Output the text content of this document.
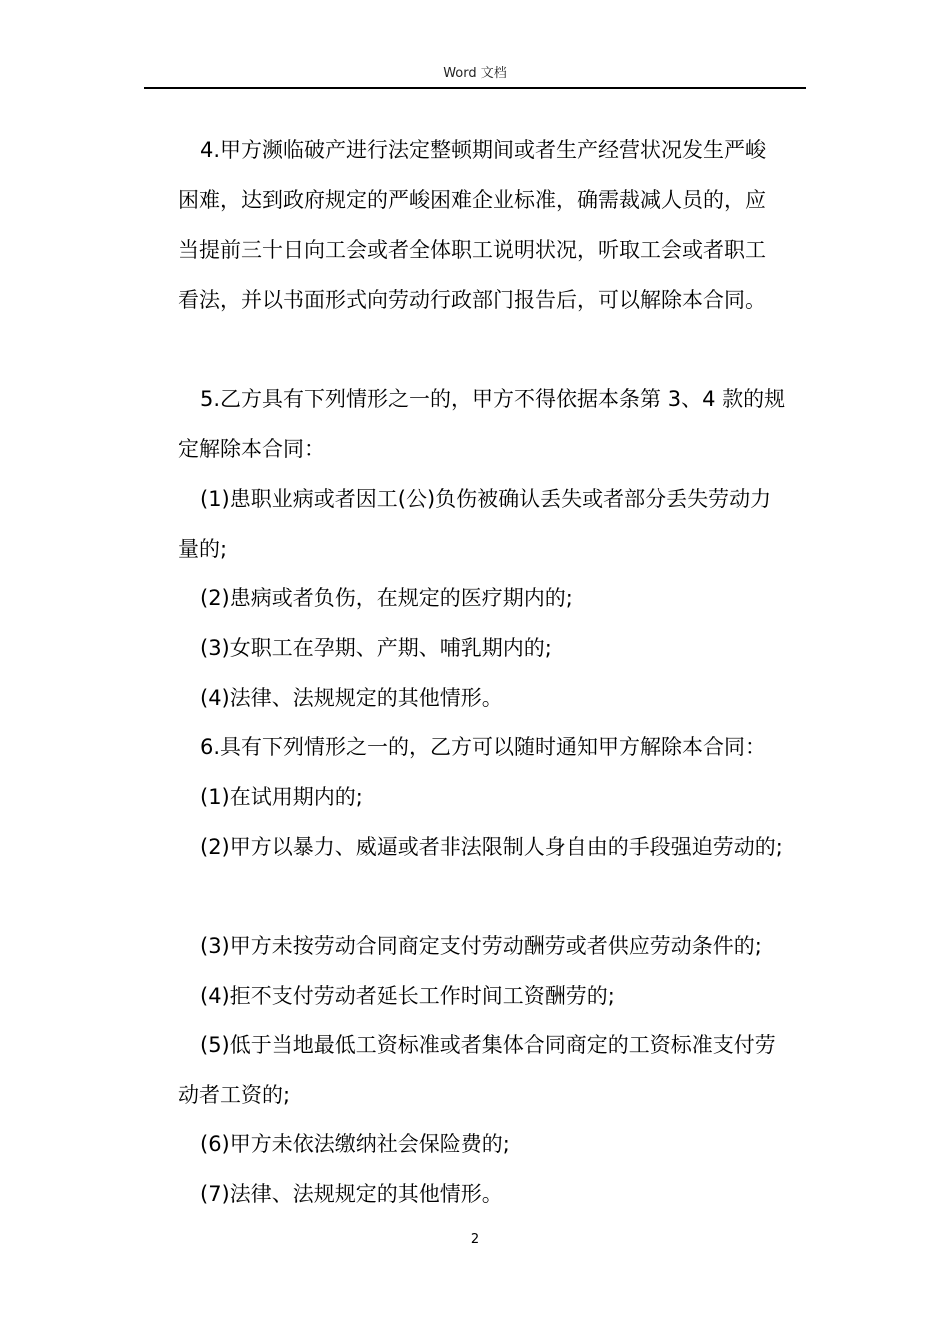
Word 文档
4.甲方濒临破产进行法定整顿期间或者生产经营状况发生严峻
困难，达到政府规定的严峻困难企业标准，确需裁减人员的，应
当提前三十日向工会或者全体职工说明状况，听取工会或者职工
看法，并以书面形式向劳动行政部门报告后，可以解除本合同。
5.乙方具有下列情形之一的，甲方不得依据本条第 3、4 款的规
定解除本合同：
(1)患职业病或者因工(公)负伤被确认丢失或者部分丢失劳动力
量的;
(2)患病或者负伤，在规定的医疗期内的;
(3)女职工在孕期、产期、哺乳期内的;
(4)法律、法规规定的其他情形。
6.具有下列情形之一的，乙方可以随时通知甲方解除本合同：
(1)在试用期内的;
(2)甲方以暴力、威逼或者非法限制人身自由的手段强迫劳动的;
(3)甲方未按劳动合同商定支付劳动酬劳或者供应劳动条件的;
(4)拒不支付劳动者延长工作时间工资酬劳的;
(5)低于当地最低工资标准或者集体合同商定的工资标准支付劳
动者工资的;
(6)甲方未依法缴纳社会保险费的;
(7)法律、法规规定的其他情形。
2
